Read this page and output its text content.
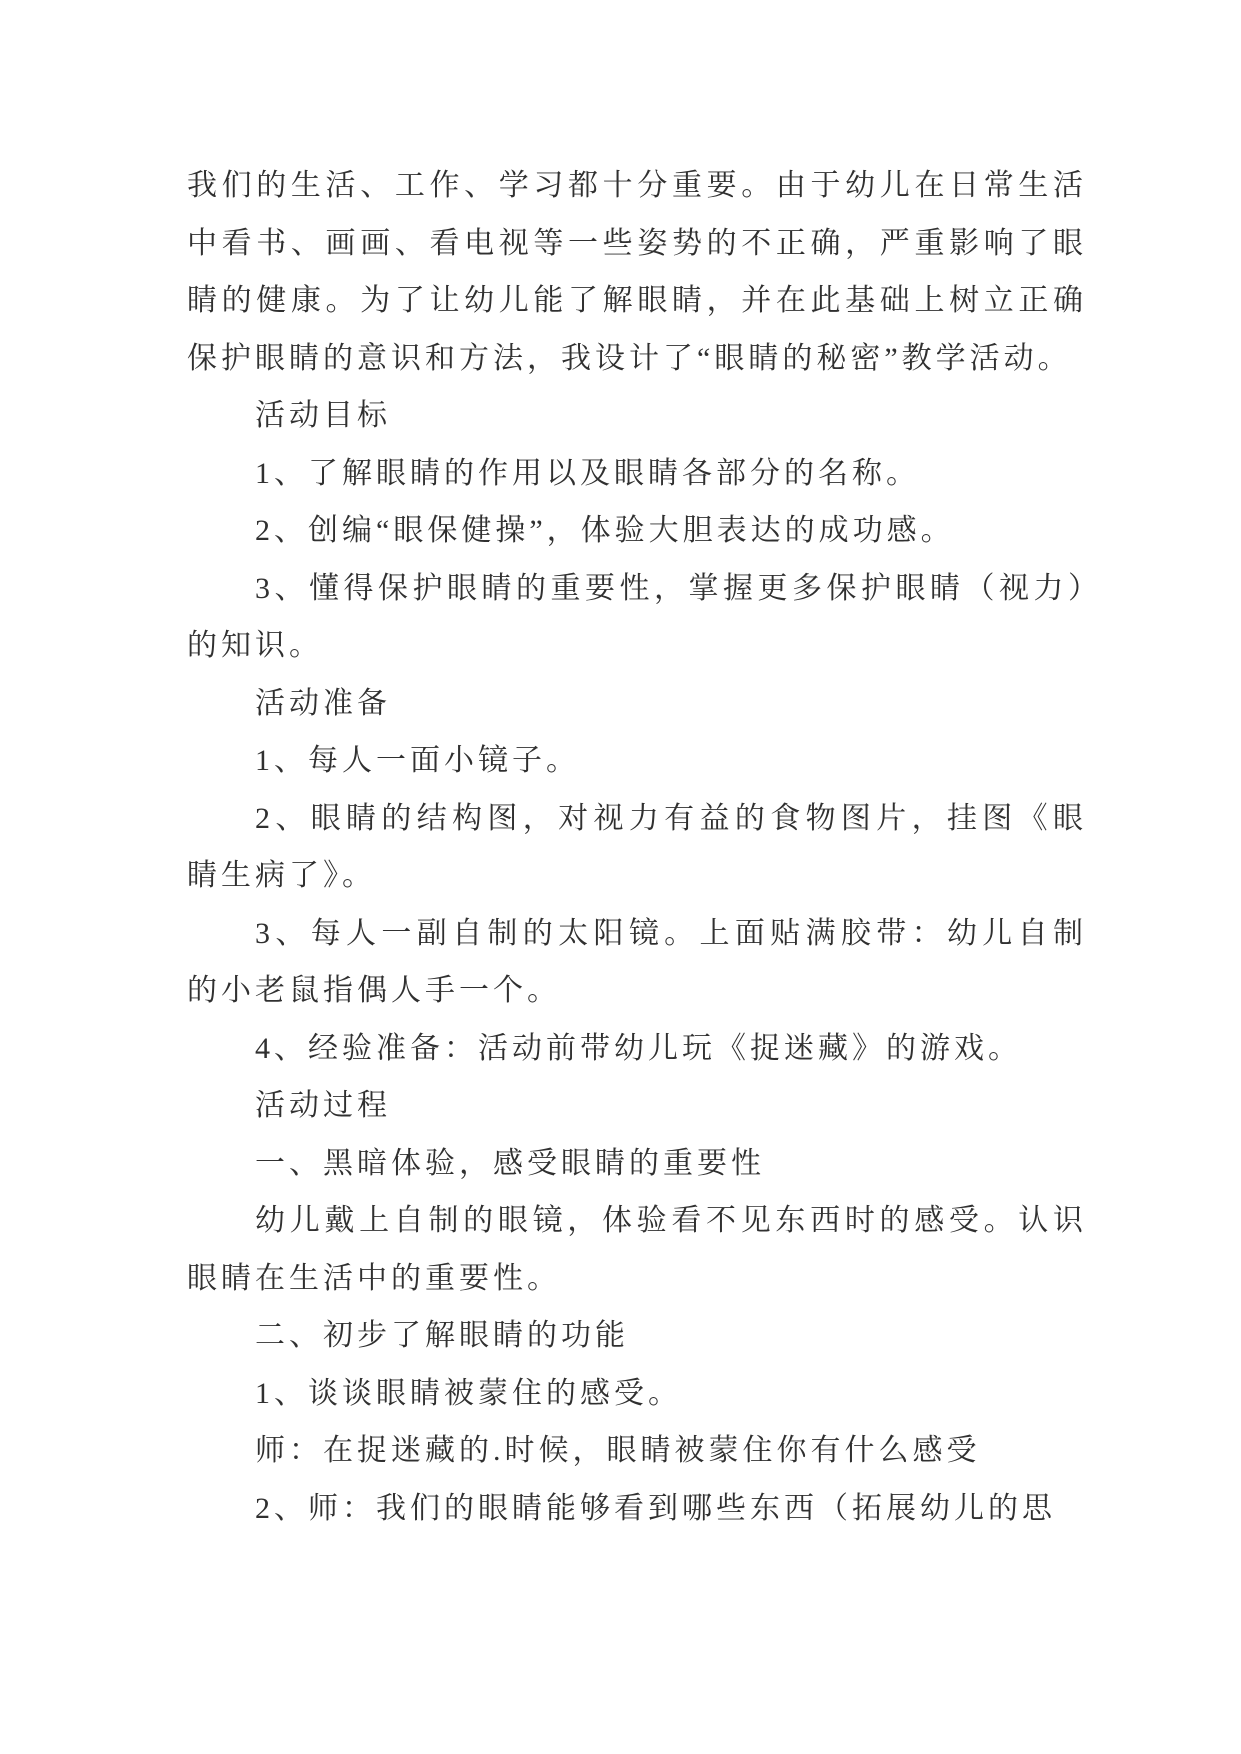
我们的生活、工作、学习都十分重要。由于幼儿在日常生活中看书、画画、看电视等一些姿势的不正确，严重影响了眼睛的健康。为了让幼儿能了解眼睛，并在此基础上树立正确保护眼睛的意识和方法，我设计了“眼睛的秘密”教学活动。

活动目标

1、了解眼睛的作用以及眼睛各部分的名称。

2、创编“眼保健操”，体验大胆表达的成功感。

3、懂得保护眼睛的重要性，掌握更多保护眼睛（视力）的知识。

活动准备

1、每人一面小镜子。

2、眼睛的结构图，对视力有益的食物图片，挂图《眼睛生病了》。

3、每人一副自制的太阳镜。上面贴满胶带：幼儿自制的小老鼠指偶人手一个。

4、经验准备：活动前带幼儿玩《捉迷藏》的游戏。

活动过程

一、黑暗体验，感受眼睛的重要性

幼儿戴上自制的眼镜，体验看不见东西时的感受。认识眼睛在生活中的重要性。

二、初步了解眼睛的功能

1、谈谈眼睛被蒙住的感受。

师：在捉迷藏的.时候，眼睛被蒙住你有什么感受

2、师：我们的眼睛能够看到哪些东西（拓展幼儿的思
